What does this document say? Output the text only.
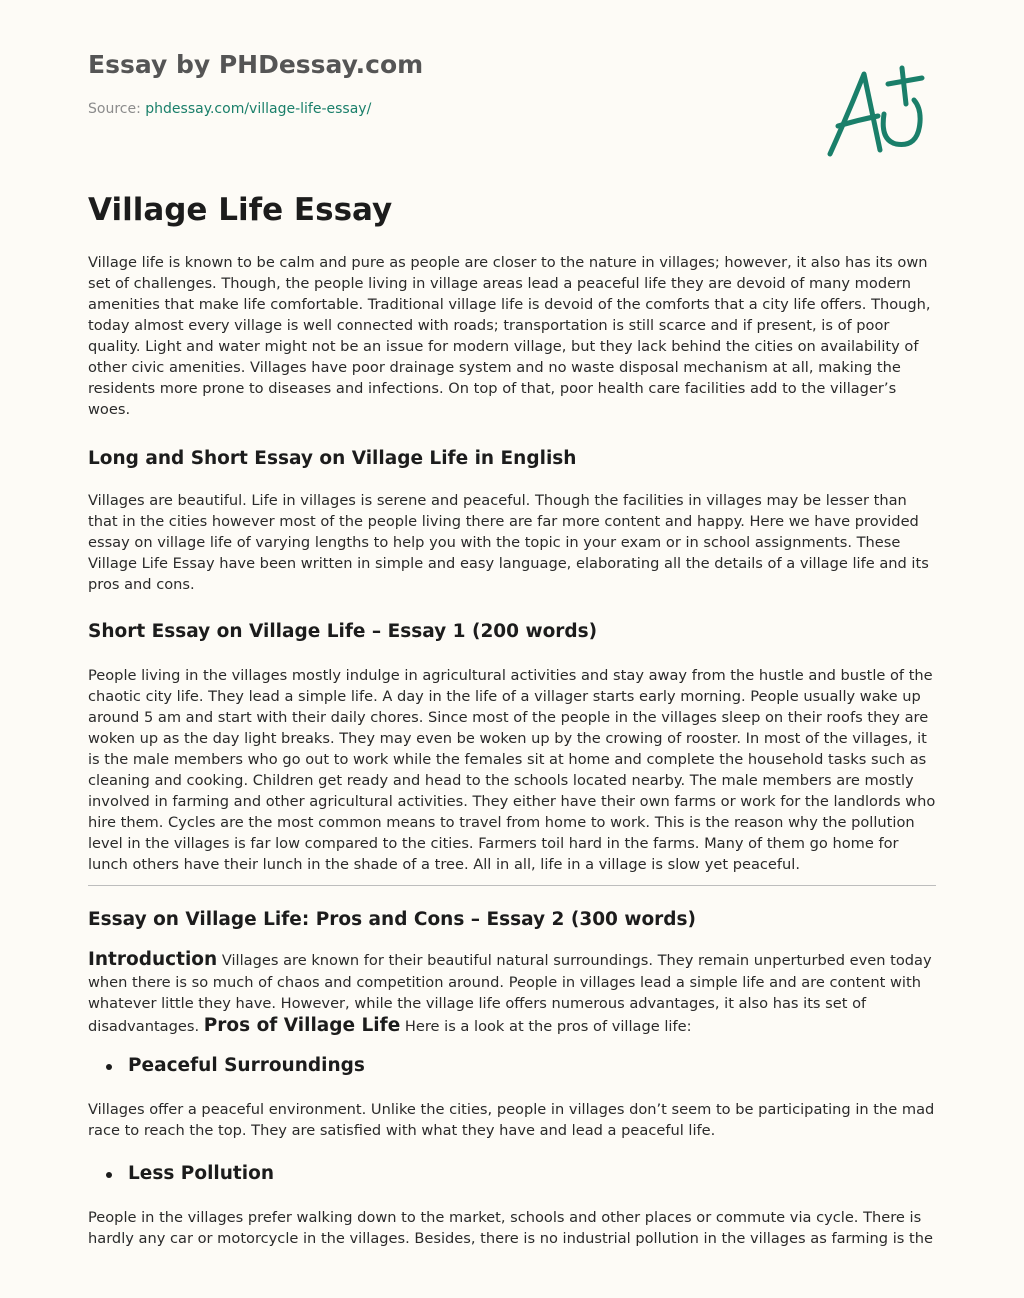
Essay by PHDessay.com
Source: phdessay.com/village-life-essay/
Village Life Essay

Village life is known to be calm and pure as people are closer to the nature in villages; however, it also has its own set of challenges. Though, the people living in village areas lead a peaceful life they are devoid of many modern amenities that make life comfortable. Traditional village life is devoid of the comforts that a city life offers. Though, today almost every village is well connected with roads; transportation is still scarce and if present, is of poor quality. Light and water might not be an issue for modern village, but they lack behind the cities on availability of other civic amenities. Villages have poor drainage system and no waste disposal mechanism at all, making the residents more prone to diseases and infections. On top of that, poor health care facilities add to the villager’s woes.

Long and Short Essay on Village Life in English

Villages are beautiful. Life in villages is serene and peaceful. Though the facilities in villages may be lesser than that in the cities however most of the people living there are far more content and happy. Here we have provided essay on village life of varying lengths to help you with the topic in your exam or in school assignments. These Village Life Essay have been written in simple and easy language, elaborating all the details of a village life and its pros and cons.

Short Essay on Village Life – Essay 1 (200 words)

People living in the villages mostly indulge in agricultural activities and stay away from the hustle and bustle of the chaotic city life. They lead a simple life. A day in the life of a villager starts early morning. People usually wake up around 5 am and start with their daily chores. Since most of the people in the villages sleep on their roofs they are woken up as the day light breaks. They may even be woken up by the crowing of rooster. In most of the villages, it is the male members who go out to work while the females sit at home and complete the household tasks such as cleaning and cooking. Children get ready and head to the schools located nearby. The male members are mostly involved in farming and other agricultural activities. They either have their own farms or work for the landlords who hire them. Cycles are the most common means to travel from home to work. This is the reason why the pollution level in the villages is far low compared to the cities. Farmers toil hard in the farms. Many of them go home for lunch others have their lunch in the shade of a tree. All in all, life in a village is slow yet peaceful.

Essay on Village Life: Pros and Cons – Essay 2 (300 words)

Introduction Villages are known for their beautiful natural surroundings. They remain unperturbed even today when there is so much of chaos and competition around. People in villages lead a simple life and are content with whatever little they have. However, while the village life offers numerous advantages, it also has its set of disadvantages. Pros of Village Life Here is a look at the pros of village life:

Peaceful Surroundings

Villages offer a peaceful environment. Unlike the cities, people in villages don’t seem to be participating in the mad race to reach the top. They are satisfied with what they have and lead a peaceful life.

Less Pollution

People in the villages prefer walking down to the market, schools and other places or commute via cycle. There is hardly any car or motorcycle in the villages. Besides, there is no industrial pollution in the villages as farming is the
